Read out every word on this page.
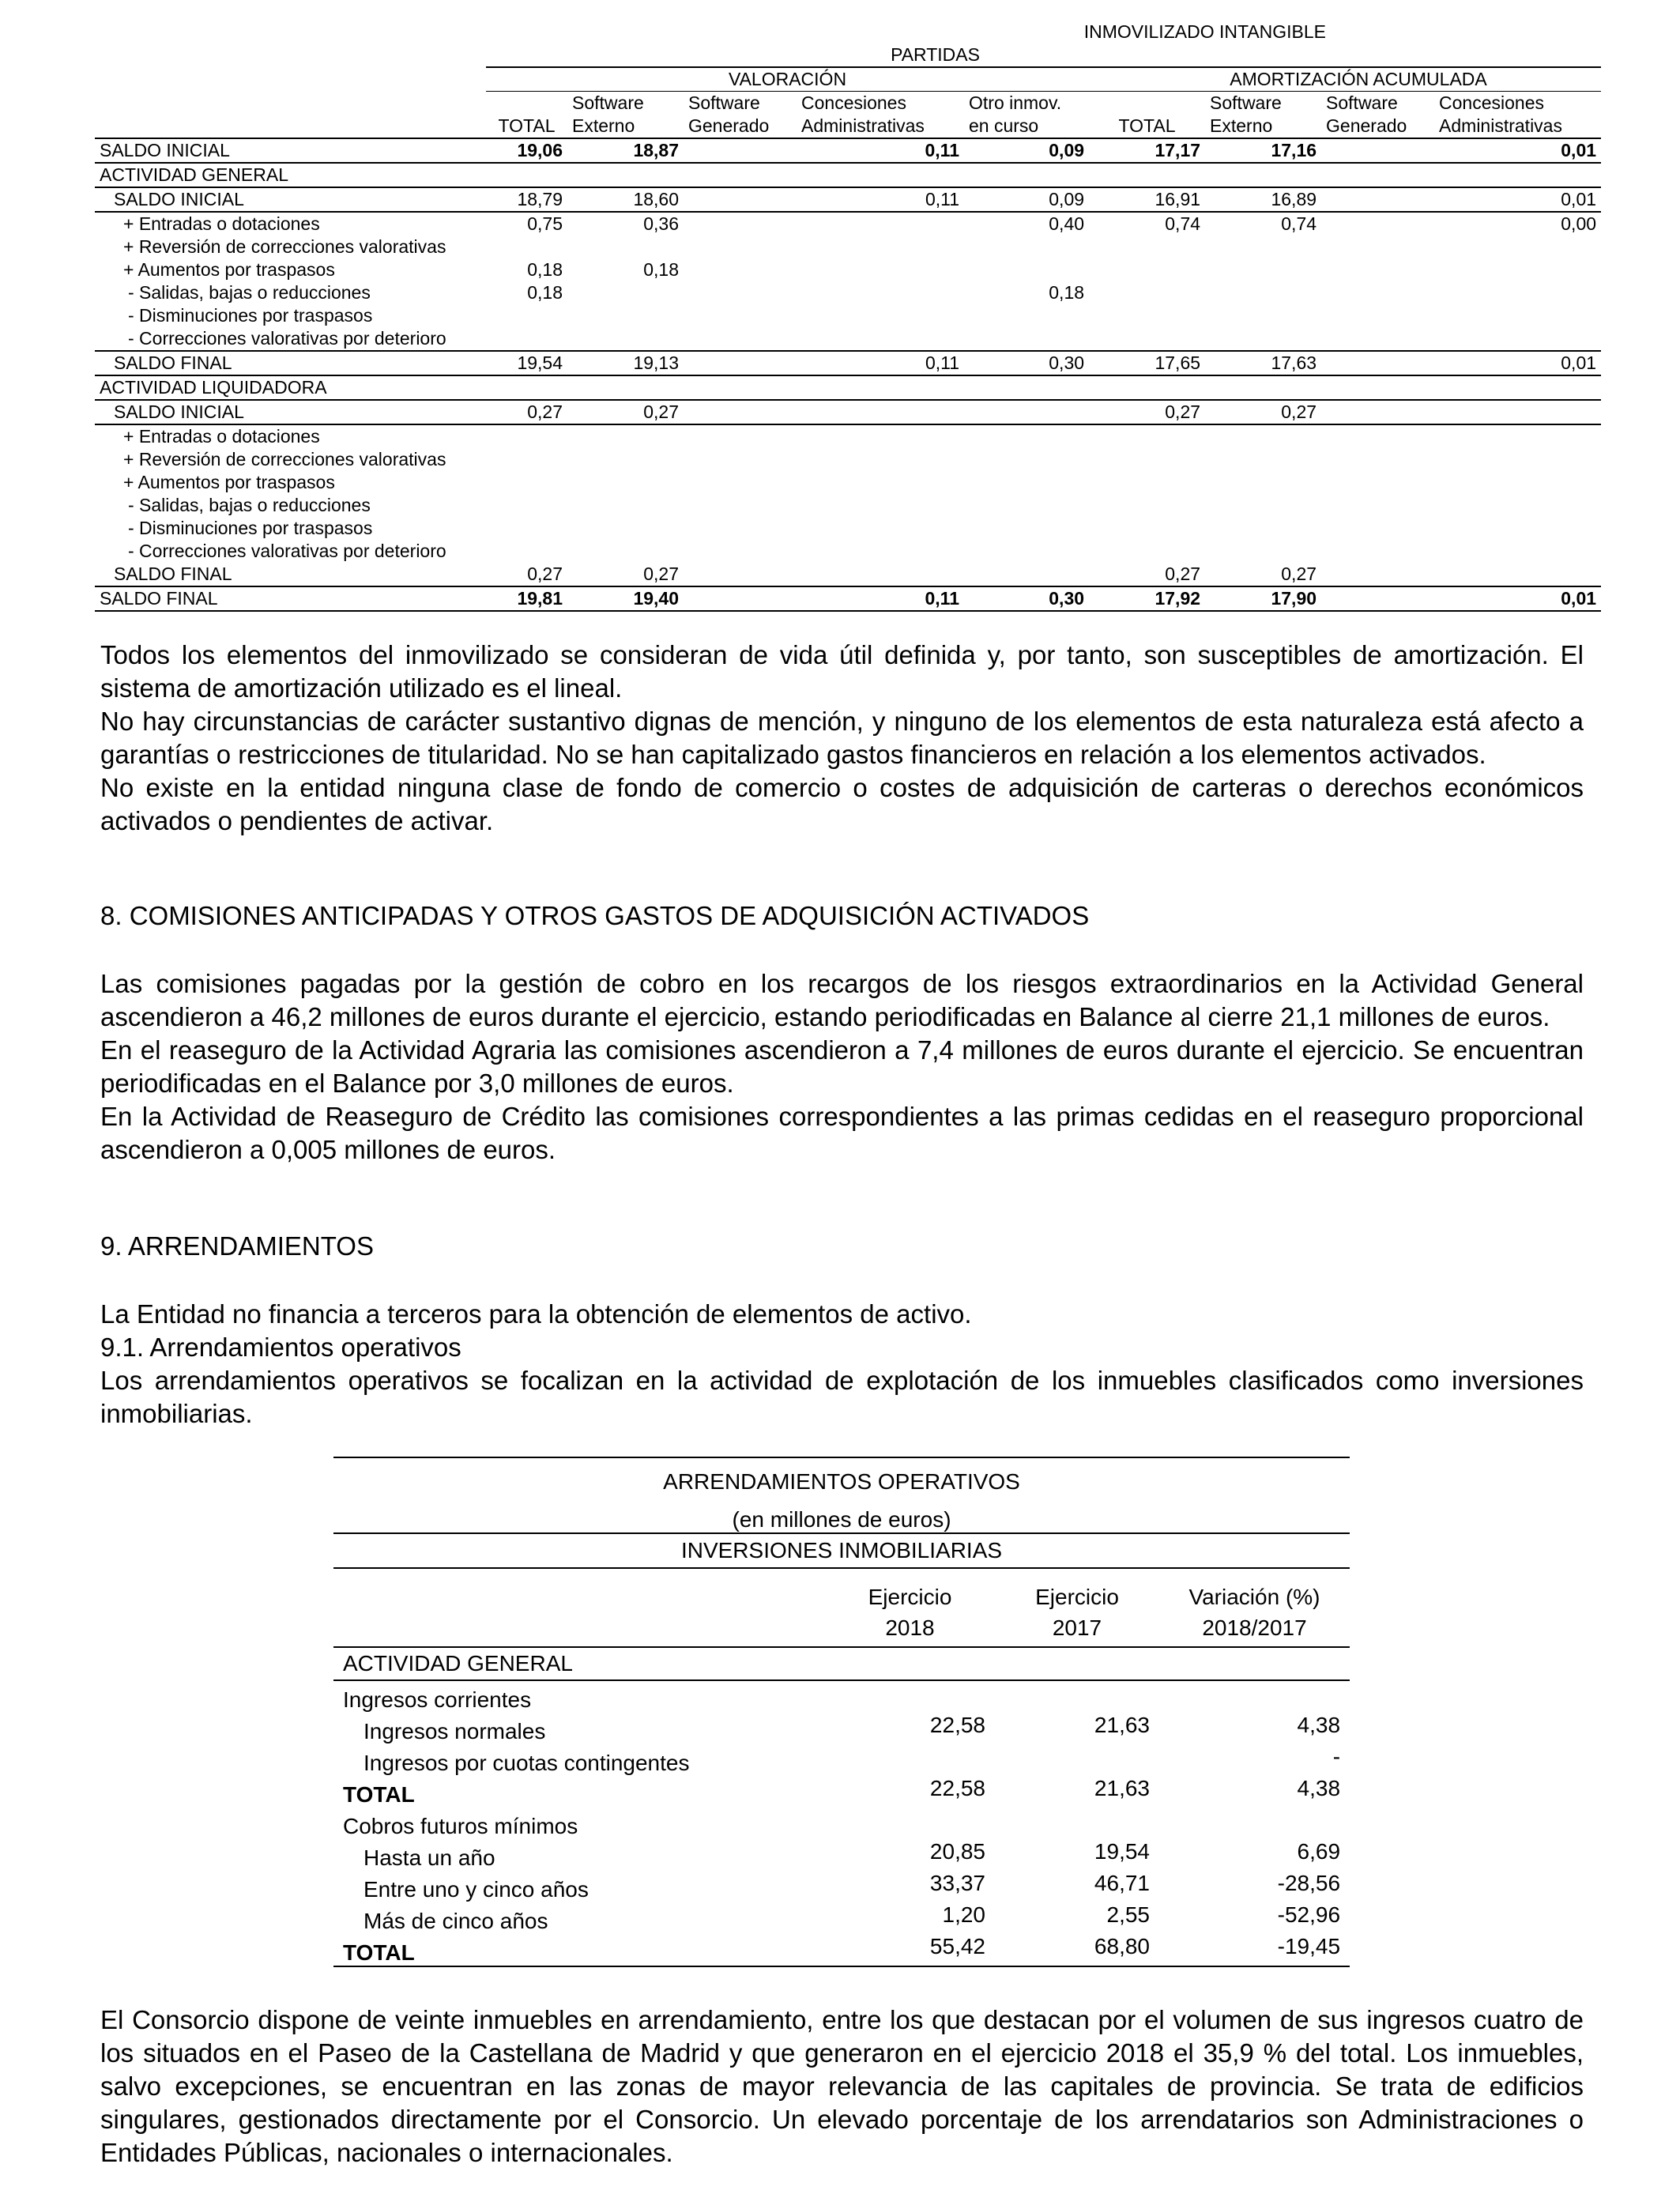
	INMOVILIZADO INTANGIBLE								
	PARTIDAS								
	VALORACIÓN					AMORTIZACIÓN ACUMULADA			
		Software	Software	Concesiones	Otro inmov.		Software	Software	Concesiones
	TOTAL	Externo	Generado	Administrativas	en curso	TOTAL	Externo	Generado	Administrativas
SALDO INICIAL	19,06	18,87		0,11	0,09	17,17	17,16		0,01
ACTIVIDAD GENERAL									
SALDO INICIAL	18,79	18,60		0,11	0,09	16,91	16,89		0,01
+ Entradas o dotaciones	0,75	0,36			0,40	0,74	0,74		0,00
+ Reversión de correcciones valorativas									
+ Aumentos por traspasos	0,18	0,18							
- Salidas, bajas o reducciones	0,18				0,18				
- Disminuciones por traspasos									
- Correcciones valorativas por deterioro									
SALDO FINAL	19,54	19,13		0,11	0,30	17,65	17,63		0,01
ACTIVIDAD LIQUIDADORA									
SALDO INICIAL	0,27	0,27				0,27	0,27		
+ Entradas o dotaciones									
+ Reversión de correcciones valorativas									
+ Aumentos por traspasos									
- Salidas, bajas o reducciones									
- Disminuciones por traspasos									
- Correcciones valorativas por deterioro									
SALDO FINAL	0,27	0,27				0,27	0,27		
SALDO FINAL	19,81	19,40		0,11	0,30	17,92	17,90		0,01

Todos los elementos del inmovilizado se consideran de vida útil definida y, por tanto, son susceptibles de amortización. El sistema de amortización utilizado es el lineal.

No hay circunstancias de carácter sustantivo dignas de mención, y ninguno de los elementos de esta naturaleza está afecto a garantías o restricciones de titularidad. No se han capitalizado gastos financieros en relación a los elementos activados.

No existe en la entidad ninguna clase de fondo de comercio o costes de adquisición de carteras o derechos económicos activados o pendientes de activar.

8. COMISIONES ANTICIPADAS Y OTROS GASTOS DE ADQUISICIÓN ACTIVADOS

Las comisiones pagadas por la gestión de cobro en los recargos de los riesgos extraordinarios en la Actividad General ascendieron a 46,2 millones de euros durante el ejercicio, estando periodificadas en Balance al cierre 21,1 millones de euros.

En el reaseguro de la Actividad Agraria las comisiones ascendieron a 7,4 millones de euros durante el ejercicio. Se encuentran periodificadas en el Balance por 3,0 millones de euros.

En la Actividad de Reaseguro de Crédito las comisiones correspondientes a las primas cedidas en el reaseguro proporcional ascendieron a 0,005 millones de euros.

9. ARRENDAMIENTOS

La Entidad no financia a terceros para la obtención de elementos de activo.

9.1. Arrendamientos operativos

Los arrendamientos operativos se focalizan en la actividad de explotación de los inmuebles clasificados como inversiones inmobiliarias.

ARRENDAMIENTOS OPERATIVOS			

(en millones de euros)			
INVERSIONES INMOBILIARIAS			
	Ejercicio	Ejercicio	Variación (%)
	2018	2017	2018/2017
ACTIVIDAD GENERAL			
Ingresos corrientes			
Ingresos normales	22,58	21,63	4,38
Ingresos por cuotas contingentes			-
TOTAL	22,58	21,63	4,38
Cobros futuros mínimos			
Hasta un año	20,85	19,54	6,69
Entre uno y cinco años	33,37	46,71	-28,56
Más de cinco años	1,20	2,55	-52,96
TOTAL	55,42	68,80	-19,45

El Consorcio dispone de veinte inmuebles en arrendamiento, entre los que destacan por el volumen de sus ingresos cuatro de los situados en el Paseo de la Castellana de Madrid y que generaron en el ejercicio 2018 el 35,9 % del total. Los inmuebles, salvo excepciones, se encuentran en las zonas de mayor relevancia de las capitales de provincia. Se trata de edificios singulares, gestionados directamente por el Consorcio. Un elevado porcentaje de los arrendatarios son Administraciones o Entidades Públicas, nacionales o internacionales.
